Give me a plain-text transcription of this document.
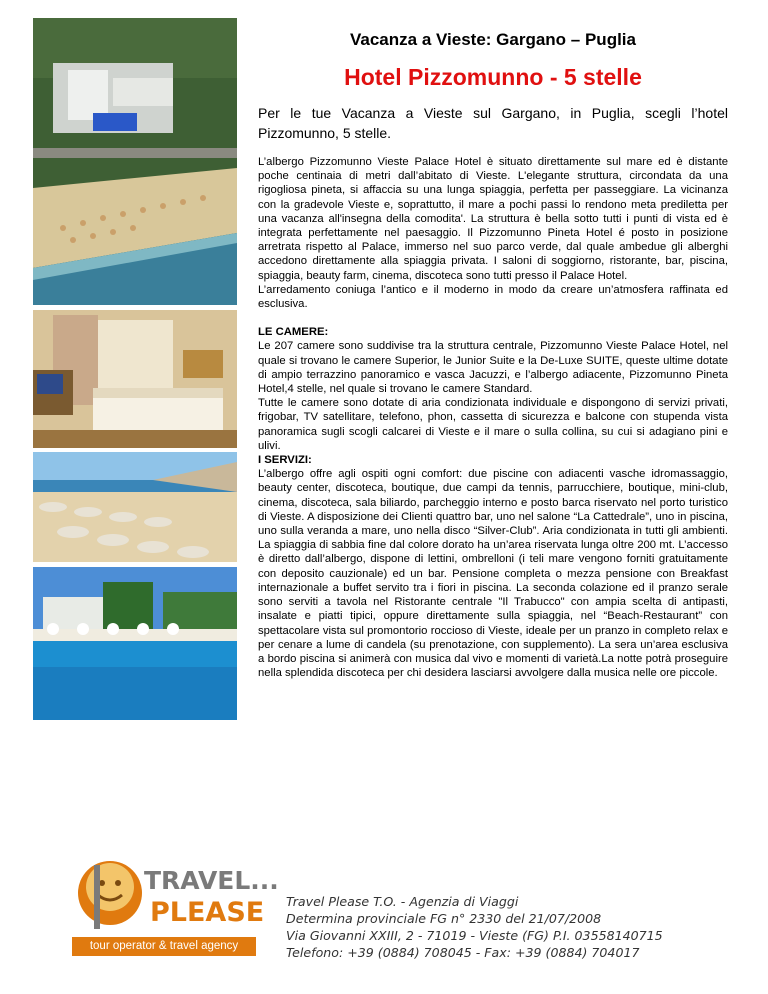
Vacanza a Vieste: Gargano – Puglia
Hotel Pizzomunno - 5 stelle
Per le tue Vacanza a Vieste sul Gargano, in Puglia, scegli l’hotel Pizzomunno, 5 stelle.

L’albergo Pizzomunno Vieste Palace Hotel è situato direttamente sul mare ed è distante poche centinaia di metri dall’abitato di Vieste. L'elegante struttura, circondata da una rigogliosa pineta, si affaccia su una lunga spiaggia, perfetta per passeggiare. La vicinanza con la gradevole Vieste e, soprattutto, il mare a pochi passi lo rendono meta prediletta per una vacanza all'insegna della comodita'. La struttura è bella sotto tutti i punti di vista ed è integrata perfettamente nel paesaggio. Il Pizzomunno Pineta Hotel é posto in posizione arretrata rispetto al Palace, immerso nel suo parco verde, dal quale ambedue gli alberghi accedono direttamente alla spiaggia privata. I saloni di soggiorno, ristorante, bar, piscina, spiaggia, beauty farm, cinema, discoteca sono tutti presso il Palace Hotel.

L’arredamento coniuga l’antico e il moderno in modo da creare un’atmosfera raffinata ed esclusiva.

LE CAMERE:

Le 207 camere sono suddivise tra la struttura centrale, Pizzomunno Vieste Palace Hotel, nel quale si trovano le camere Superior, le Junior Suite e la De-Luxe SUITE, queste ultime dotate di ampio terrazzino panoramico e vasca Jacuzzi, e l’albergo adiacente, Pizzomunno Pineta Hotel,4 stelle, nel quale si trovano le camere Standard.

Tutte le camere sono dotate di aria condizionata individuale e dispongono di servizi privati, frigobar, TV satellitare, telefono, phon, cassetta di sicurezza e balcone con stupenda vista panoramica sugli scogli calcarei di Vieste e il mare o sulla collina, su cui si adagiano pini e ulivi.

I SERVIZI:

L’albergo offre agli ospiti ogni comfort: due piscine con adiacenti vasche idromassaggio, beauty center, discoteca, boutique, due campi da tennis, parrucchiere, boutique, mini-club, cinema, discoteca, sala biliardo, parcheggio interno e posto barca riservato nel porto turistico di Vieste. A disposizione dei Clienti quattro bar, uno nel salone “La Cattedrale”, uno in piscina, uno sulla veranda a mare, uno nella disco “Silver-Club”. Aria condizionata in tutti gli ambienti. La spiaggia di sabbia fine dal colore dorato ha un’area riservata lunga oltre 200 mt. L’accesso è diretto dall’albergo, dispone di lettini, ombrelloni (i teli mare vengono forniti gratuitamente con deposito cauzionale) ed un bar. Pensione completa o mezza pensione con Breakfast internazionale a buffet servito tra i fiori in piscina. La seconda colazione ed il pranzo serale sono serviti a tavola nel Ristorante centrale "Il Trabucco" con ampia scelta di antipasti, insalate e piatti tipici, oppure direttamente sulla spiaggia, nel “Beach-Restaurant” con spettacolare vista sul promontorio roccioso di Vieste, ideale per un pranzo in completo relax e per cenare a lume di candela (su prenotazione, con supplemento). La sera un’area esclusiva a bordo piscina si animerà con musica dal vivo e momenti di varietà.La notte potrà proseguire nella splendida discoteca per chi desidera lasciarsi avvolgere dalla musica nelle ore piccole.

TRAVEL...
PLEASE
tour operator & travel agency
Travel Please T.O. - Agenzia di Viaggi
Determina provinciale FG n° 2330 del 21/07/2008
Via Giovanni XXIII, 2 - 71019 - Vieste (FG) P.I. 03558140715
Telefono: +39 (0884) 708045 - Fax: +39 (0884) 704017
